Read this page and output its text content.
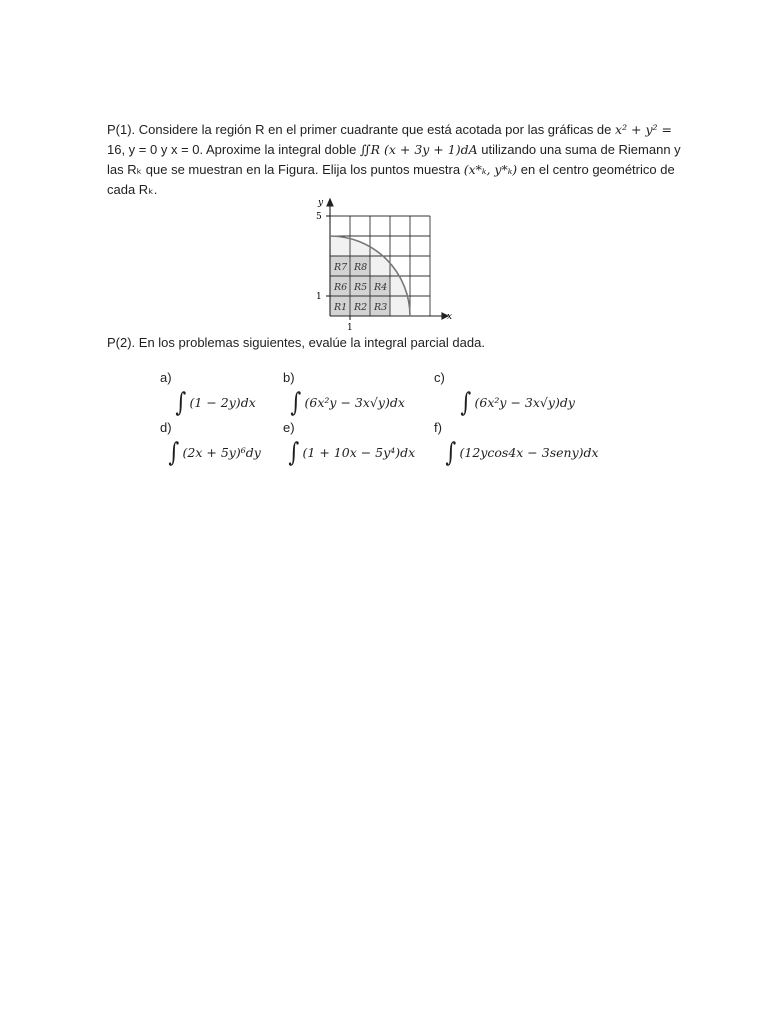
P(1). Considere la región R en el primer cuadrante que está acotada por las gráficas de x² + y² =
16, y = 0 y x = 0. Aproxime la integral doble ∬R (x + 3y + 1)dA utilizando una suma de Riemann y
las Rₖ que se muestran en la Figura. Elija los puntos muestra (x*ₖ, y*ₖ) en el centro geométrico de
cada Rₖ.
y
5
1
1
x
R1 R2 R3
R4
R5
R6
R7 R8
P(2). En los problemas siguientes, evalúe la integral parcial dada.
a)
∫ (1 − 2y)dx
b)
∫ (6x²y − 3x√y)dx
c)
∫ (6x²y − 3x√y)dy
d)
∫ (2x + 5y)⁶dy
e)
∫ (1 + 10x − 5y⁴)dx
f)
∫ (12ycos4x − 3seny)dx
